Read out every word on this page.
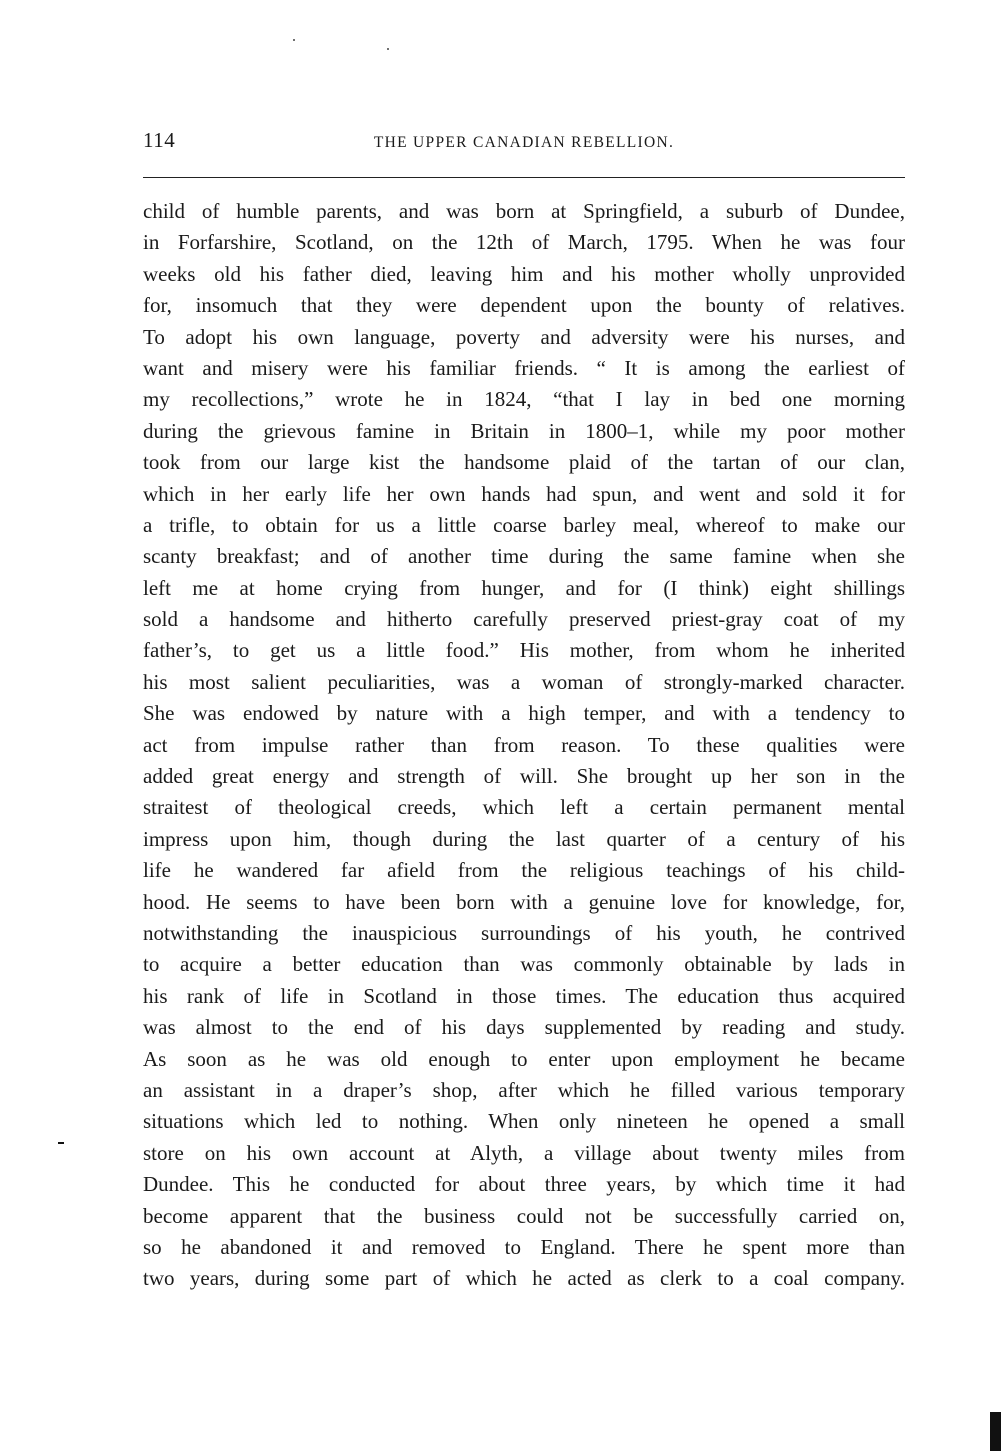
114	THE UPPER CANADIAN REBELLION.
child of humble parents, and was born at Springfield, a suburb of Dundee,
in Forfarshire, Scotland, on the 12th of March, 1795. When he was four
weeks old his father died, leaving him and his mother wholly unprovided
for, insomuch that they were dependent upon the bounty of relatives.
To adopt his own language, poverty and adversity were his nurses, and
want and misery were his familiar friends. “ It is among the earliest of
my recollections,” wrote he in 1824, “that I lay in bed one morning
during the grievous famine in Britain in 1800–1, while my poor mother
took from our large kist the handsome plaid of the tartan of our clan,
which in her early life her own hands had spun, and went and sold it for
a trifle, to obtain for us a little coarse barley meal, whereof to make our
scanty breakfast; and of another time during the same famine when she
left me at home crying from hunger, and for (I think) eight shillings
sold a handsome and hitherto carefully preserved priest-gray coat of my
father’s, to get us a little food.” His mother, from whom he inherited
his most salient peculiarities, was a woman of strongly-marked character.
She was endowed by nature with a high temper, and with a tendency to
act from impulse rather than from reason. To these qualities were
added great energy and strength of will. She brought up her son in the
straitest of theological creeds, which left a certain permanent mental
impress upon him, though during the last quarter of a century of his
life he wandered far afield from the religious teachings of his child-
hood. He seems to have been born with a genuine love for knowledge, for,
notwithstanding the inauspicious surroundings of his youth, he contrived
to acquire a better education than was commonly obtainable by lads in
his rank of life in Scotland in those times. The education thus acquired
was almost to the end of his days supplemented by reading and study.
As soon as he was old enough to enter upon employment he became
an assistant in a draper’s shop, after which he filled various temporary
situations which led to nothing. When only nineteen he opened a small
store on his own account at Alyth, a village about twenty miles from
Dundee. This he conducted for about three years, by which time it had
become apparent that the business could not be successfully carried on,
so he abandoned it and removed to England. There he spent more than
two years, during some part of which he acted as clerk to a coal company.
